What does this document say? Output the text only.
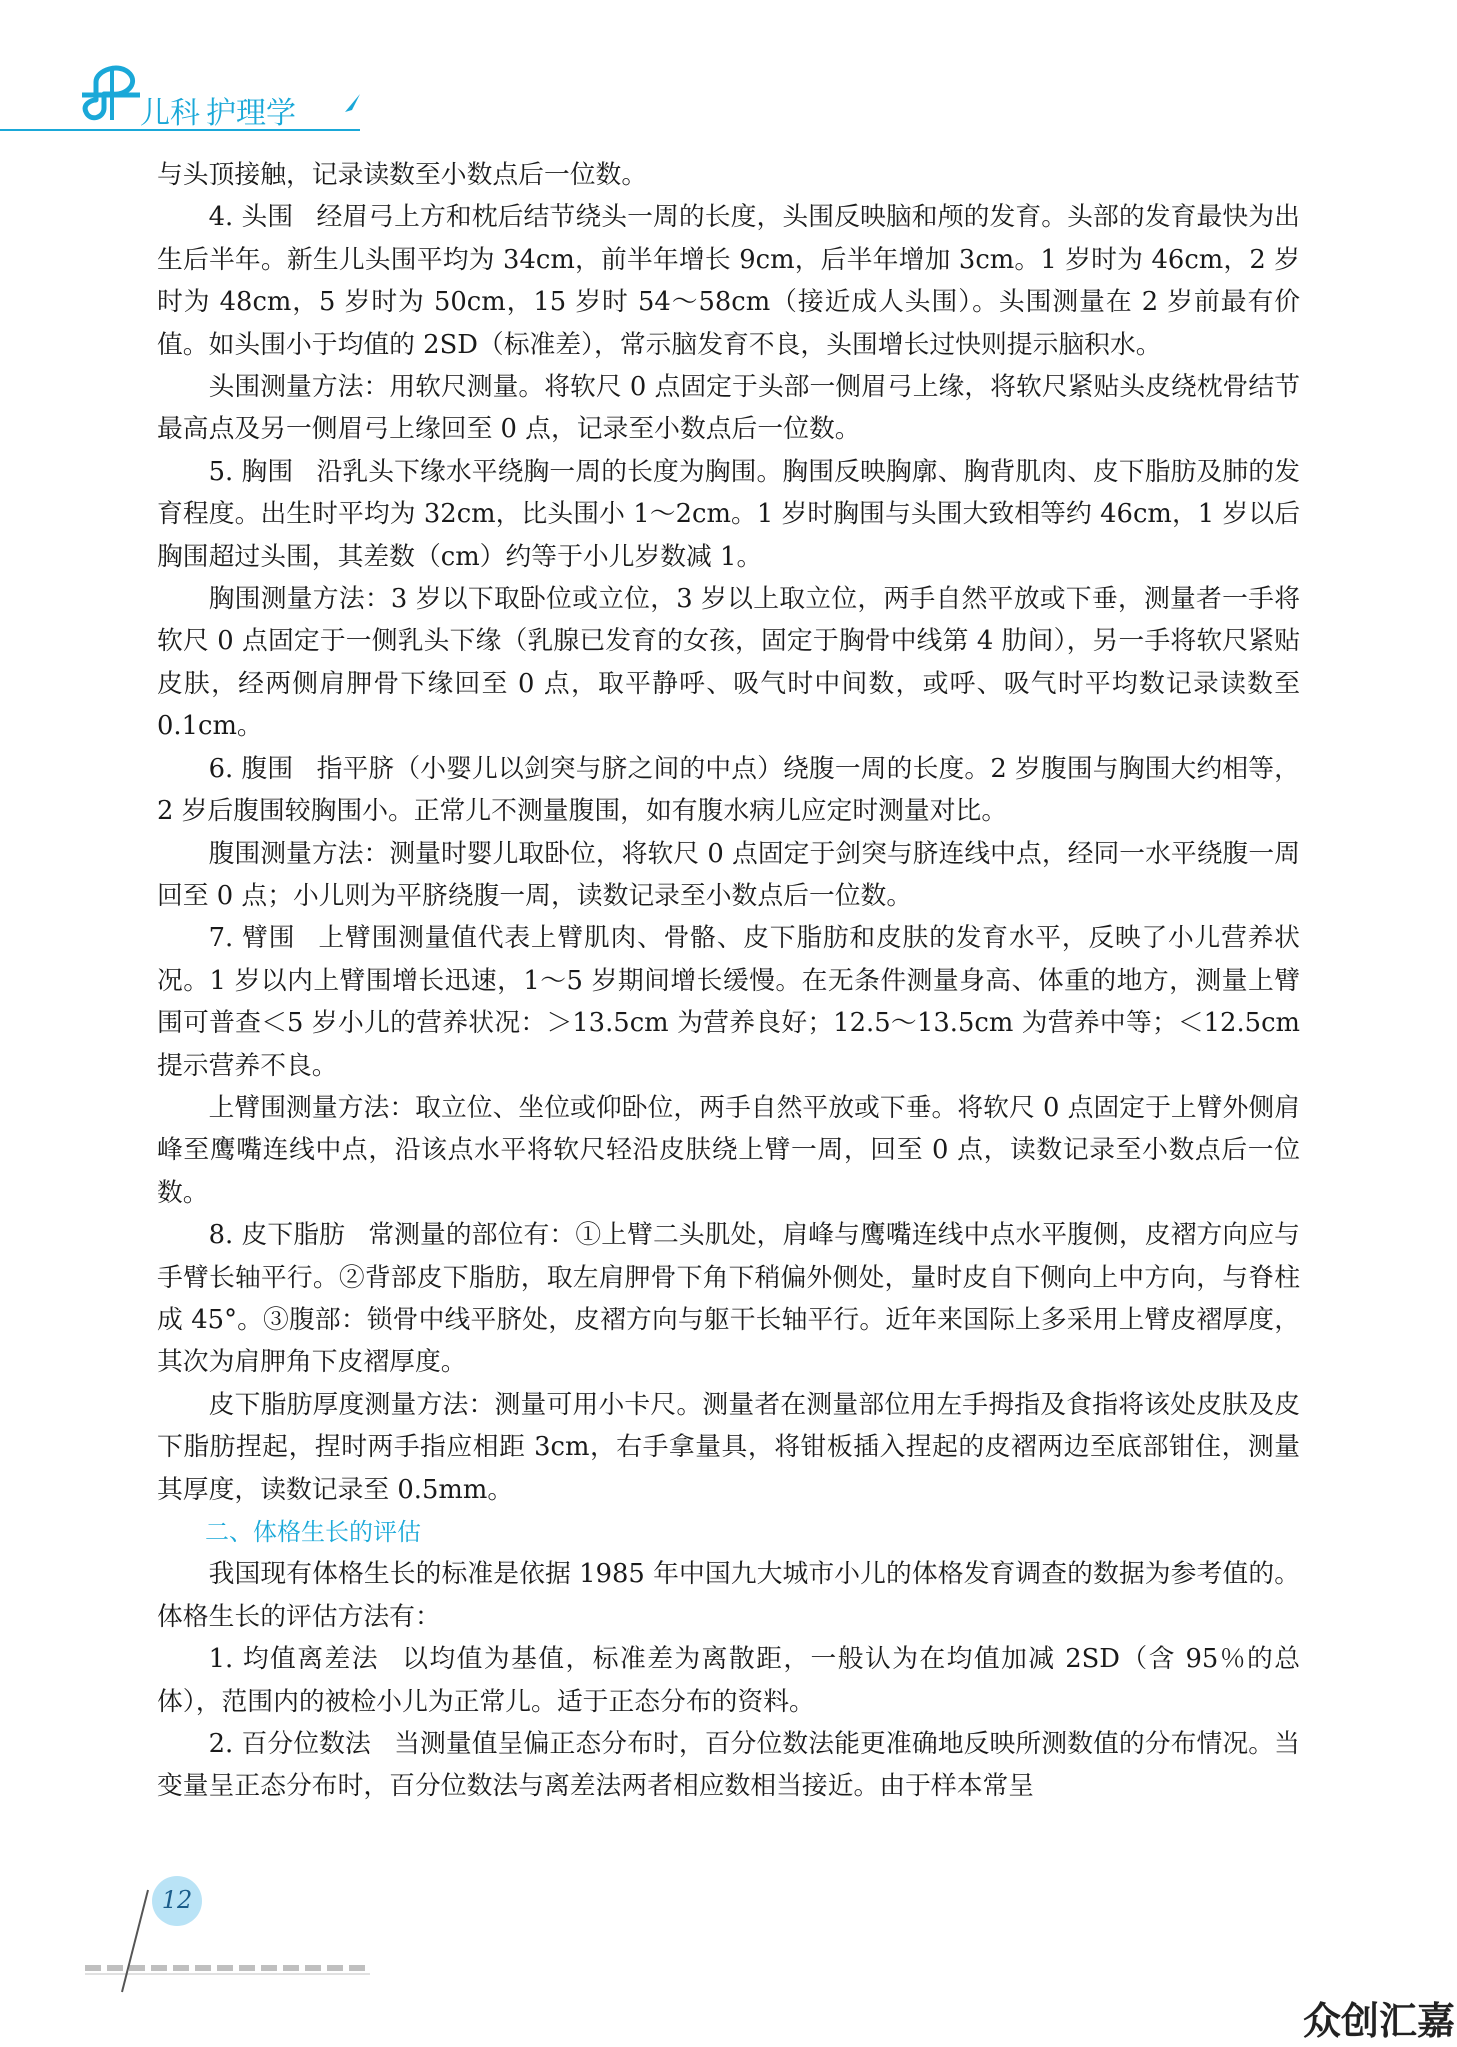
儿科 护理学

与头顶接触，记录读数至小数点后一位数。

4. 头围 经眉弓上方和枕后结节绕头一周的长度，头围反映脑和颅的发育。头部的发育最快为出生后半年。新生儿头围平均为 34cm，前半年增长 9cm，后半年增加 3cm。1 岁时为 46cm，2 岁时为 48cm，5 岁时为 50cm，15 岁时 54～58cm（接近成人头围）。头围测量在 2 岁前最有价值。如头围小于均值的 2SD（标准差），常示脑发育不良，头围增长过快则提示脑积水。

头围测量方法：用软尺测量。将软尺 0 点固定于头部一侧眉弓上缘，将软尺紧贴头皮绕枕骨结节最高点及另一侧眉弓上缘回至 0 点，记录至小数点后一位数。

5. 胸围 沿乳头下缘水平绕胸一周的长度为胸围。胸围反映胸廓、胸背肌肉、皮下脂肪及肺的发育程度。出生时平均为 32cm，比头围小 1～2cm。1 岁时胸围与头围大致相等约 46cm，1 岁以后胸围超过头围，其差数（cm）约等于小儿岁数减 1。

胸围测量方法：3 岁以下取卧位或立位，3 岁以上取立位，两手自然平放或下垂，测量者一手将软尺 0 点固定于一侧乳头下缘（乳腺已发育的女孩，固定于胸骨中线第 4 肋间），另一手将软尺紧贴皮肤，经两侧肩胛骨下缘回至 0 点，取平静呼、吸气时中间数，或呼、吸气时平均数记录读数至 0.1cm。

6. 腹围 指平脐（小婴儿以剑突与脐之间的中点）绕腹一周的长度。2 岁腹围与胸围大约相等，2 岁后腹围较胸围小。正常儿不测量腹围，如有腹水病儿应定时测量对比。

腹围测量方法：测量时婴儿取卧位，将软尺 0 点固定于剑突与脐连线中点，经同一水平绕腹一周回至 0 点；小儿则为平脐绕腹一周，读数记录至小数点后一位数。

7. 臂围 上臂围测量值代表上臂肌肉、骨骼、皮下脂肪和皮肤的发育水平，反映了小儿营养状况。1 岁以内上臂围增长迅速，1～5 岁期间增长缓慢。在无条件测量身高、体重的地方，测量上臂围可普查＜5 岁小儿的营养状况：＞13.5cm 为营养良好；12.5～13.5cm 为营养中等；＜12.5cm 提示营养不良。

上臂围测量方法：取立位、坐位或仰卧位，两手自然平放或下垂。将软尺 0 点固定于上臂外侧肩峰至鹰嘴连线中点，沿该点水平将软尺轻沿皮肤绕上臂一周，回至 0 点，读数记录至小数点后一位数。

8. 皮下脂肪 常测量的部位有：①上臂二头肌处，肩峰与鹰嘴连线中点水平腹侧，皮褶方向应与手臂长轴平行。②背部皮下脂肪，取左肩胛骨下角下稍偏外侧处，量时皮自下侧向上中方向，与脊柱成 45°。③腹部：锁骨中线平脐处，皮褶方向与躯干长轴平行。近年来国际上多采用上臂皮褶厚度，其次为肩胛角下皮褶厚度。

皮下脂肪厚度测量方法：测量可用小卡尺。测量者在测量部位用左手拇指及食指将该处皮肤及皮下脂肪捏起，捏时两手指应相距 3cm，右手拿量具，将钳板插入捏起的皮褶两边至底部钳住，测量其厚度，读数记录至 0.5mm。

二、体格生长的评估

我国现有体格生长的标准是依据 1985 年中国九大城市小儿的体格发育调查的数据为参考值的。体格生长的评估方法有：

1. 均值离差法 以均值为基值，标准差为离散距，一般认为在均值加减 2SD（含 95％的总体），范围内的被检小儿为正常儿。适于正态分布的资料。

2. 百分位数法 当测量值呈偏正态分布时，百分位数法能更准确地反映所测数值的分布情况。当变量呈正态分布时，百分位数法与离差法两者相应数相当接近。由于样本常呈

12
众创汇嘉
